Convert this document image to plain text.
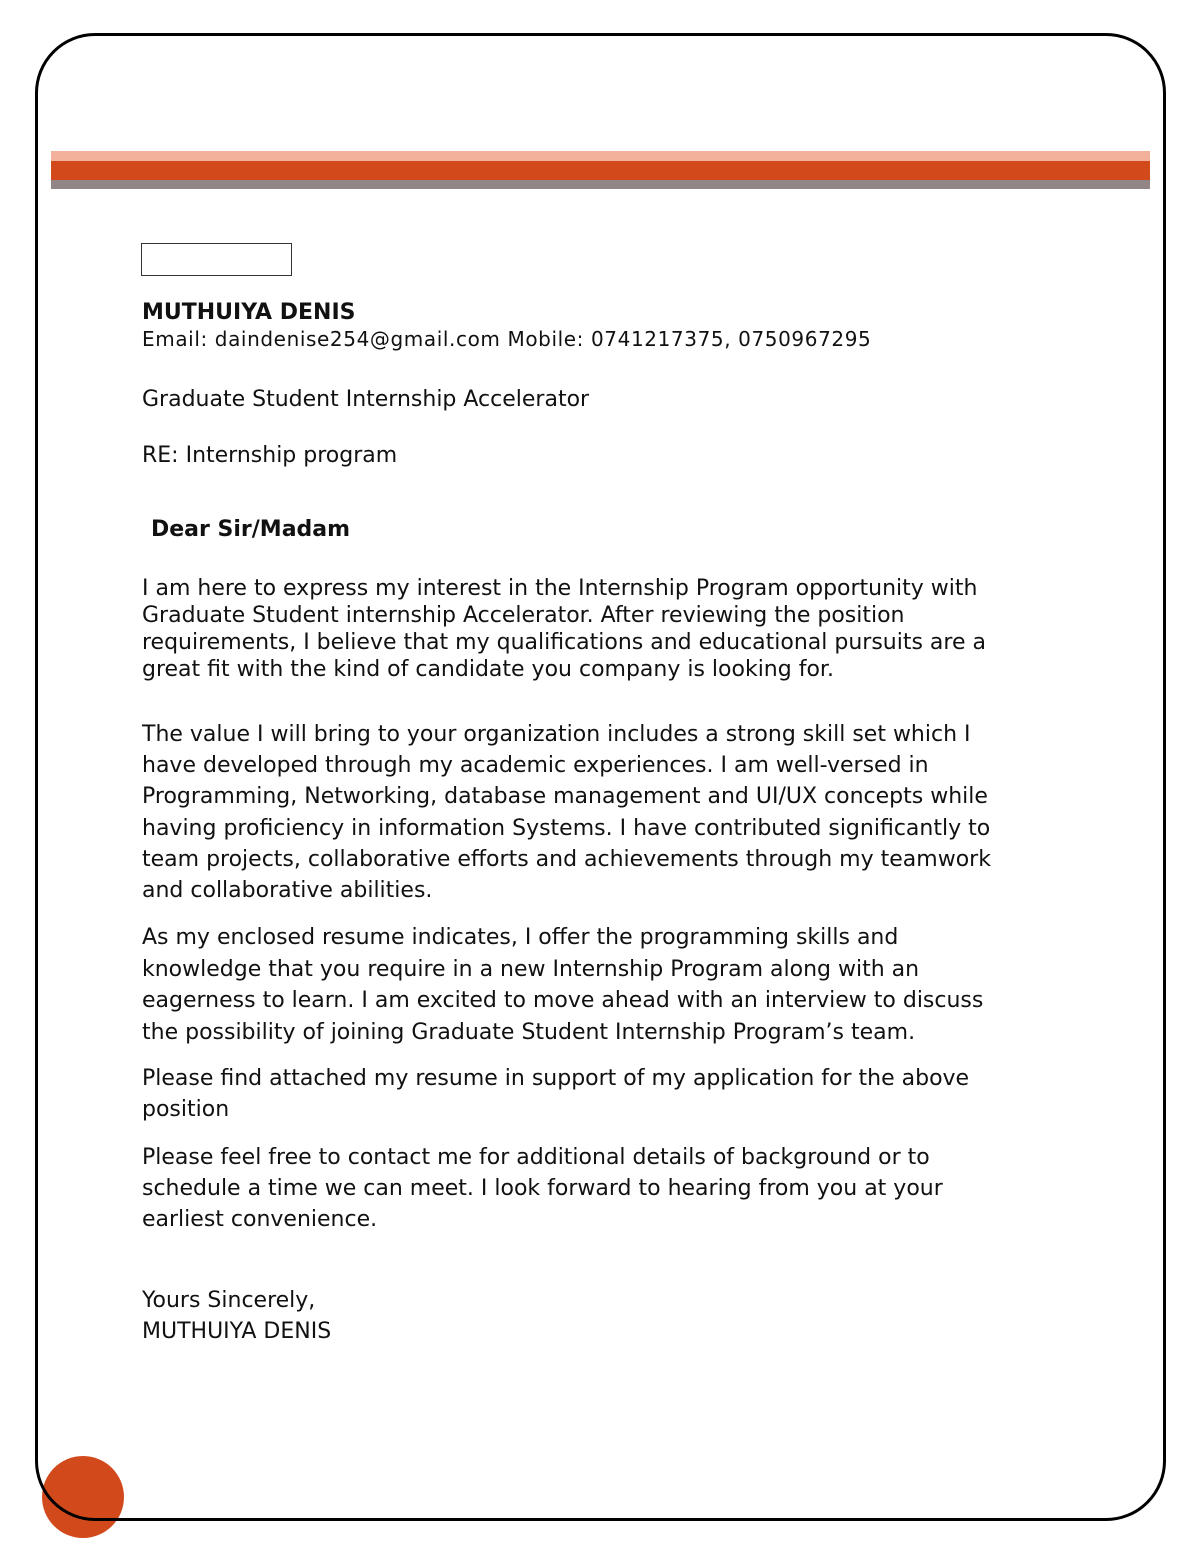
MUTHUIYA DENIS
Email: daindenise254@gmail.com Mobile: 0741217375, 0750967295
Graduate Student Internship Accelerator
RE: Internship program
Dear Sir/Madam
I am here to express my interest in the Internship Program opportunity with
Graduate Student internship Accelerator. After reviewing the position
requirements, I believe that my qualifications and educational pursuits are a
great fit with the kind of candidate you company is looking for.
The value I will bring to your organization includes a strong skill set which I
have developed through my academic experiences. I am well-versed in
Programming, Networking, database management and UI/UX concepts while
having proficiency in information Systems. I have contributed significantly to
team projects, collaborative efforts and achievements through my teamwork
and collaborative abilities.
As my enclosed resume indicates, I offer the programming skills and
knowledge that you require in a new Internship Program along with an
eagerness to learn. I am excited to move ahead with an interview to discuss
the possibility of joining Graduate Student Internship Program’s team.
Please find attached my resume in support of my application for the above
position
Please feel free to contact me for additional details of background or to
schedule a time we can meet. I look forward to hearing from you at your
earliest convenience.
Yours Sincerely,
MUTHUIYA DENIS
